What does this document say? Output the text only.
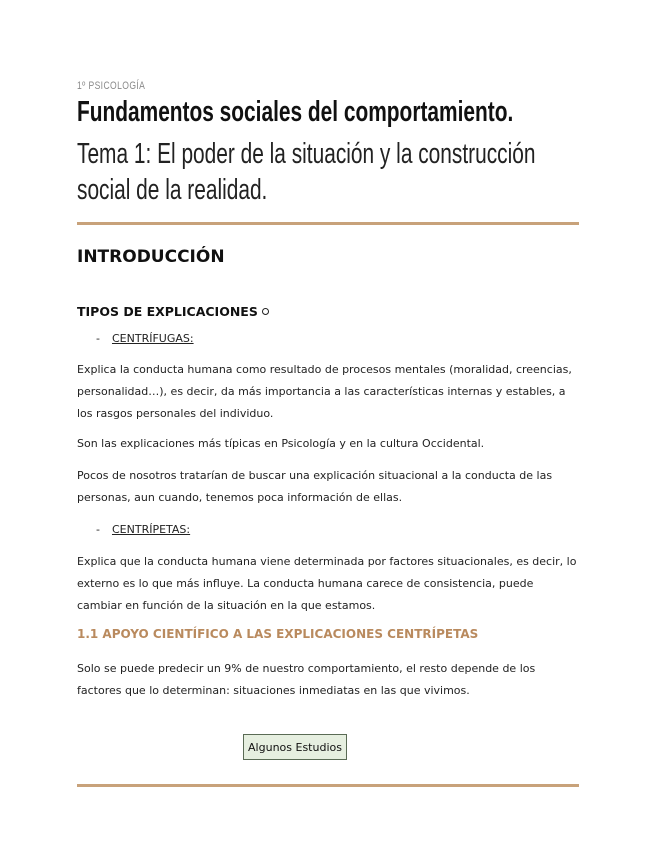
1º PSICOLOGÍA
Fundamentos sociales del comportamiento.
Tema 1: El poder de la situación y la construcción social de la realidad.
INTRODUCCIÓN
TIPOS DE EXPLICACIONES
- CENTRÍFUGAS:
Explica la conducta humana como resultado de procesos mentales (moralidad, creencias, personalidad…), es decir, da más importancia a las características internas y estables, a los rasgos personales del individuo.
Son las explicaciones más típicas en Psicología y en la cultura Occidental.
Pocos de nosotros tratarían de buscar una explicación situacional a la conducta de las personas, aun cuando, tenemos poca información de ellas.
- CENTRÍPETAS:
Explica que la conducta humana viene determinada por factores situacionales, es decir, lo externo es lo que más influye. La conducta humana carece de consistencia, puede cambiar en función de la situación en la que estamos.
1.1 APOYO CIENTÍFICO A LAS EXPLICACIONES CENTRÍPETAS
Solo se puede predecir un 9% de nuestro comportamiento, el resto depende de los factores que lo determinan: situaciones inmediatas en las que vivimos.
Algunos Estudios
